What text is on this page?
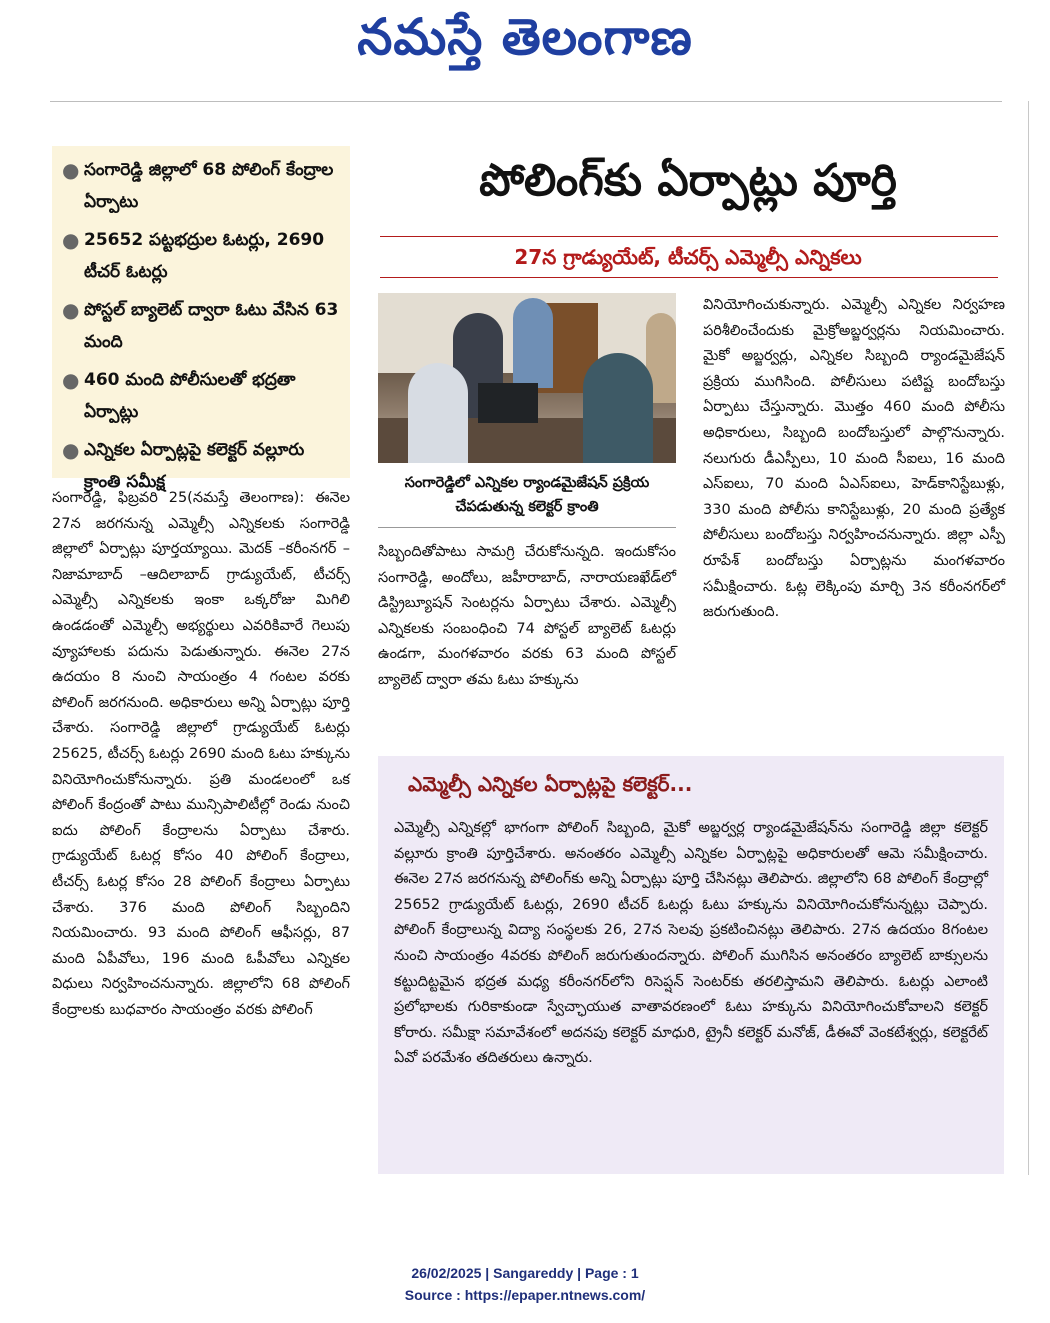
నమస్తే తెలంగాణ
● సంగారెడ్డి జిల్లాలో 68 పోలింగ్ కేంద్రాల ఏర్పాటు
● 25652 పట్టభద్రుల ఓటర్లు, 2690 టీచర్ ఓటర్లు
● పోస్టల్ బ్యాలెట్ ద్వారా ఓటు వేసిన 63 మంది
● 460 మంది పోలీసులతో భద్రతా ఏర్పాట్లు
● ఎన్నికల ఏర్పాట్లపై కలెక్టర్ వల్లూరు క్రాంతి సమీక్ష
పోలింగ్‌కు ఏర్పాట్లు పూర్తి
27న గ్రాడ్యుయేట్, టీచర్స్ ఎమ్మెల్సీ ఎన్నికలు
సంగారెడ్డిలో ఎన్నికల ర్యాండమైజేషన్ ప్రక్రియ చేపడుతున్న కలెక్టర్ క్రాంతి

సంగారెడ్డి, ఫిబ్రవరి 25(నమస్తే తెలంగాణ): ఈనెల 27న జరగనున్న ఎమ్మెల్సీ ఎన్నికలకు సంగారెడ్డి జిల్లాలో ఏర్పాట్లు పూర్తయ్యాయి. మెదక్ –కరీంనగర్ –నిజామాబాద్ –ఆదిలాబాద్ గ్రాడ్యుయేట్, టీచర్స్ ఎమ్మెల్సీ ఎన్నికలకు ఇంకా ఒక్కరోజు మిగిలి ఉండడంతో ఎమ్మెల్సీ అభ్యర్థులు ఎవరికివారే గెలుపు వ్యూహాలకు పదును పెడుతున్నారు. ఈనెల 27న ఉదయం 8 నుంచి సాయంత్రం 4 గంటల వరకు పోలింగ్ జరగనుంది. అధికారులు అన్ని ఏర్పాట్లు పూర్తి చేశారు. సంగారెడ్డి జిల్లాలో గ్రాడ్యుయేట్ ఓటర్లు 25625, టీచర్స్ ఓటర్లు 2690 మంది ఓటు హక్కును వినియోగించుకోనున్నారు. ప్రతి మండలంలో ఒక పోలింగ్ కేంద్రంతో పాటు మున్సిపాలిటీల్లో రెండు నుంచి ఐదు పోలింగ్ కేంద్రాలను ఏర్పాటు చేశారు. గ్రాడ్యుయేట్ ఓటర్ల కోసం 40 పోలింగ్ కేంద్రాలు, టీచర్స్ ఓటర్ల కోసం 28 పోలింగ్ కేంద్రాలు ఏర్పాటు చేశారు. 376 మంది పోలింగ్ సిబ్బందిని నియమించారు. 93 మంది పోలింగ్ ఆఫీసర్లు, 87 మంది ఏపీవోలు, 196 మంది ఓపీవోలు ఎన్నికల విధులు నిర్వహించనున్నారు. జిల్లాలోని 68 పోలింగ్ కేంద్రాలకు బుధవారం సాయంత్రం వరకు పోలింగ్

సిబ్బందితోపాటు సామగ్రి చేరుకోనున్నది. ఇందుకోసం సంగారెడ్డి, అందోలు, జహీరాబాద్, నారాయణఖేడ్‌లో డిస్ట్రిబ్యూషన్ సెంటర్లను ఏర్పాటు చేశారు. ఎమ్మెల్సీ ఎన్నికలకు సంబంధించి 74 పోస్టల్ బ్యాలెట్ ఓటర్లు ఉండగా, మంగళవారం వరకు 63 మంది పోస్టల్ బ్యాలెట్ ద్వారా తమ ఓటు హక్కును

వినియోగించుకున్నారు. ఎమ్మెల్సీ ఎన్నికల నిర్వహణ పరిశీలించేందుకు మైక్రోఅబ్జర్వర్లను నియమించారు. మైకో అబ్జర్వర్లు, ఎన్నికల సిబ్బంది ర్యాండమైజేషన్ ప్రక్రియ ముగిసింది. పోలీసులు పటిష్ట బందోబస్తు ఏర్పాటు చేస్తున్నారు. మొత్తం 460 మంది పోలీసు అధికారులు, సిబ్బంది బందోబస్తులో పాల్గొనున్నారు. నలుగురు డీఎస్పీలు, 10 మంది సీఐలు, 16 మంది ఎస్ఐలు, 70 మంది ఏఎస్ఐలు, హెడ్‌కానిస్టేబుళ్లు, 330 మంది పోలీసు కానిస్టేబుళ్లు, 20 మంది ప్రత్యేక పోలీసులు బందోబస్తు నిర్వహించనున్నారు. జిల్లా ఎస్పీ రూపేశ్ బందోబస్తు ఏర్పాట్లను మంగళవారం సమీక్షించారు. ఓట్ల లెక్కింపు మార్చి 3న కరీంనగర్‌లో జరుగుతుంది.

ఎమ్మెల్సీ ఎన్నికల ఏర్పాట్లపై కలెక్టర్...
ఎమ్మెల్సీ ఎన్నికల్లో భాగంగా పోలింగ్ సిబ్బంది, మైకో అబ్జర్వర్ల ర్యాండమైజేషన్‌ను సంగారెడ్డి జిల్లా కలెక్టర్ వల్లూరు క్రాంతి పూర్తిచేశారు. అనంతరం ఎమ్మెల్సీ ఎన్నికల ఏర్పాట్లపై అధికారులతో ఆమె సమీక్షించారు. ఈనెల 27న జరగనున్న పోలింగ్‌కు అన్ని ఏర్పాట్లు పూర్తి చేసినట్లు తెలిపారు. జిల్లాలోని 68 పోలింగ్ కేంద్రాల్లో 25652 గ్రాడ్యుయేట్ ఓటర్లు, 2690 టీచర్ ఓటర్లు ఓటు హక్కును వినియోగించుకోనున్నట్లు చెప్పారు. పోలింగ్ కేంద్రాలున్న విద్యా సంస్థలకు 26, 27న సెలవు ప్రకటించినట్లు తెలిపారు. 27న ఉదయం 8గంటల నుంచి సాయంత్రం 4వరకు పోలింగ్ జరుగుతుందన్నారు. పోలింగ్ ముగిసిన అనంతరం బ్యాలెట్ బాక్సులను కట్టుదిట్టమైన భద్రత మధ్య కరీంనగర్‌లోని రిసెప్షన్ సెంటర్‌కు తరలిస్తామని తెలిపారు. ఓటర్లు ఎలాంటి ప్రలోభాలకు గురికాకుండా స్వేచ్ఛాయుత వాతావరణంలో ఓటు హక్కును వినియోగించుకోవాలని కలెక్టర్ కోరారు. సమీక్షా సమావేశంలో అదనపు కలెక్టర్ మాధురి, ట్రైనీ కలెక్టర్ మనోజ్, డీఈవో వెంకటేశ్వర్లు, కలెక్టరేట్ ఏవో పరమేశం తదితరులు ఉన్నారు.
26/02/2025 | Sangareddy | Page : 1
Source : https://epaper.ntnews.com/
